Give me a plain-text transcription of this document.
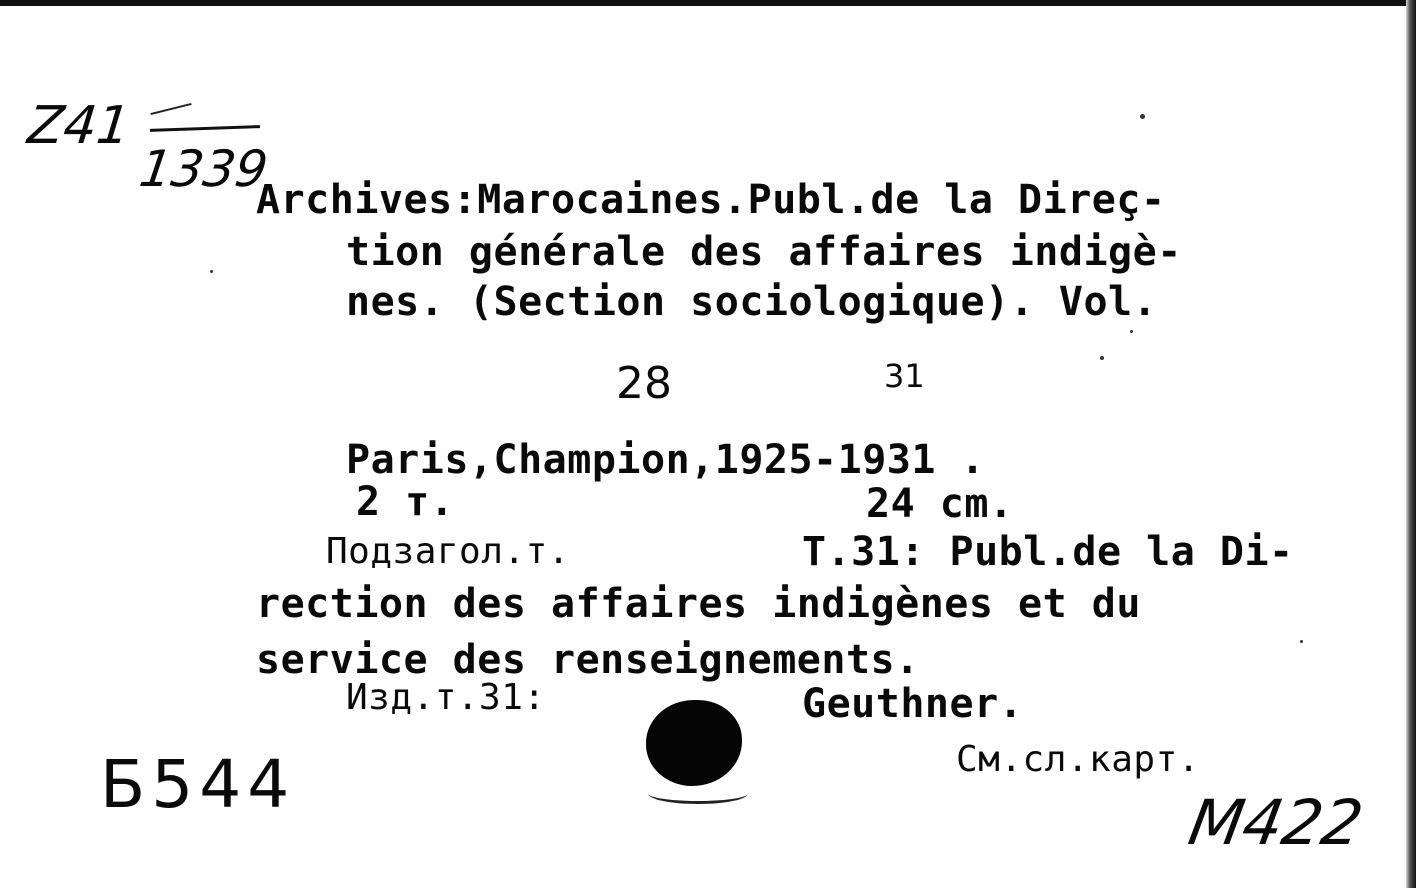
Z41
1339
Archives:Marocaines.Publ.de la Direç-
tion générale des affaires indigè-
nes. (Section sociologique). Vol.
28	31
Paris,Champion,1925-1931 .
2 т.	24 cm.
Подзагол.т.	Т.31: Publ.de la Di-
rection des affaires indigènes et du
service des renseignements.
Изд.т.31:	Geuthner.
См.сл.карт.
Б544	М422
